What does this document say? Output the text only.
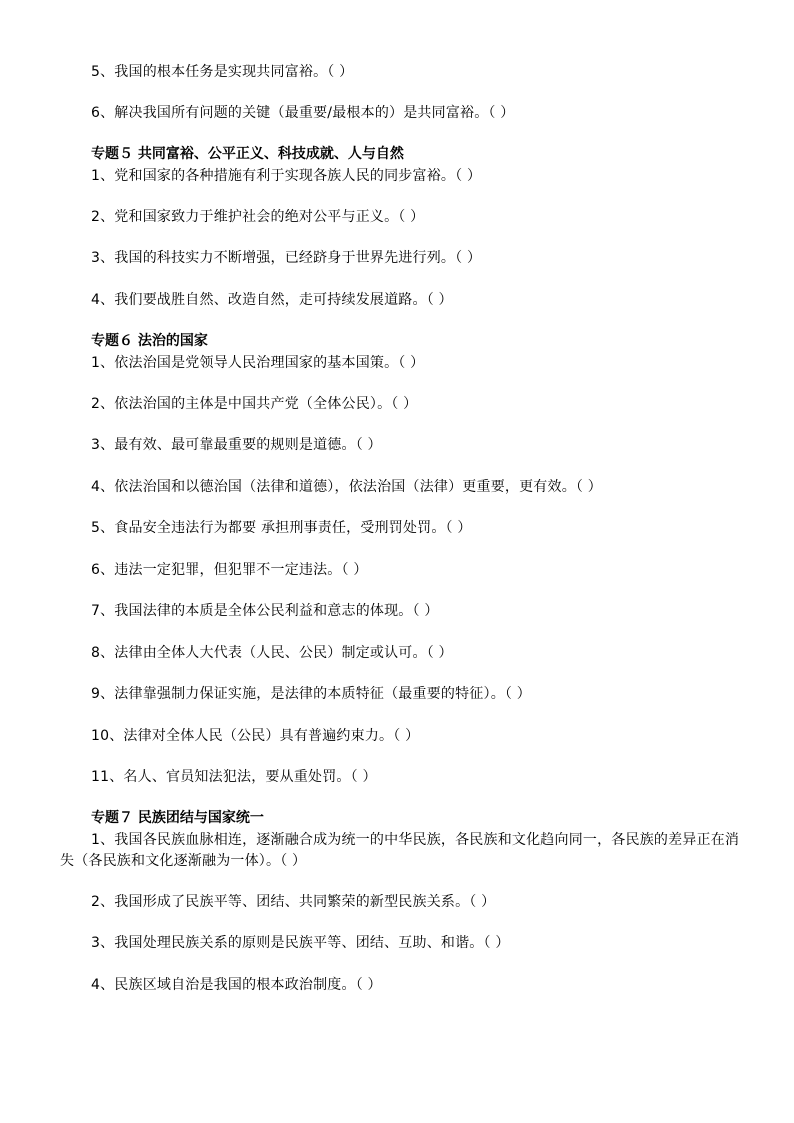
5、我国的根本任务是实现共同富裕。（ ）
6、解决我国所有问题的关键（最重要/最根本的）是共同富裕。（ ）
专题５ 共同富裕、公平正义、科技成就、人与自然
1、党和国家的各种措施有利于实现各族人民的同步富裕。（ ）
2、党和国家致力于维护社会的绝对公平与正义。（ ）
3、我国的科技实力不断增强，已经跻身于世界先进行列。（ ）
4、我们要战胜自然、改造自然，走可持续发展道路。（ ）
专题６ 法治的国家
1、依法治国是党领导人民治理国家的基本国策。（ ）
2、依法治国的主体是中国共产党（全体公民）。（ ）
3、最有效、最可靠最重要的规则是道德。（ ）
4、依法治国和以德治国（法律和道德），依法治国（法律）更重要，更有效。（ ）
5、食品安全违法行为都要 承担刑事责任，受刑罚处罚。（ ）
6、违法一定犯罪，但犯罪不一定违法。（ ）
7、我国法律的本质是全体公民利益和意志的体现。（ ）
8、法律由全体人大代表（人民、公民）制定或认可。（ ）
9、法律靠强制力保证实施，是法律的本质特征（最重要的特征）。（ ）
10、法律对全体人民（公民）具有普遍约束力。（ ）
11、名人、官员知法犯法，要从重处罚。（ ）
专题７ 民族团结与国家统一
1、我国各民族血脉相连，逐渐融合成为统一的中华民族，各民族和文化趋向同一，各民族的差异正在消失（各民族和文化逐渐融为一体）。（ ）
2、我国形成了民族平等、团结、共同繁荣的新型民族关系。（ ）
3、我国处理民族关系的原则是民族平等、团结、互助、和谐。（ ）
4、民族区域自治是我国的根本政治制度。（ ）
